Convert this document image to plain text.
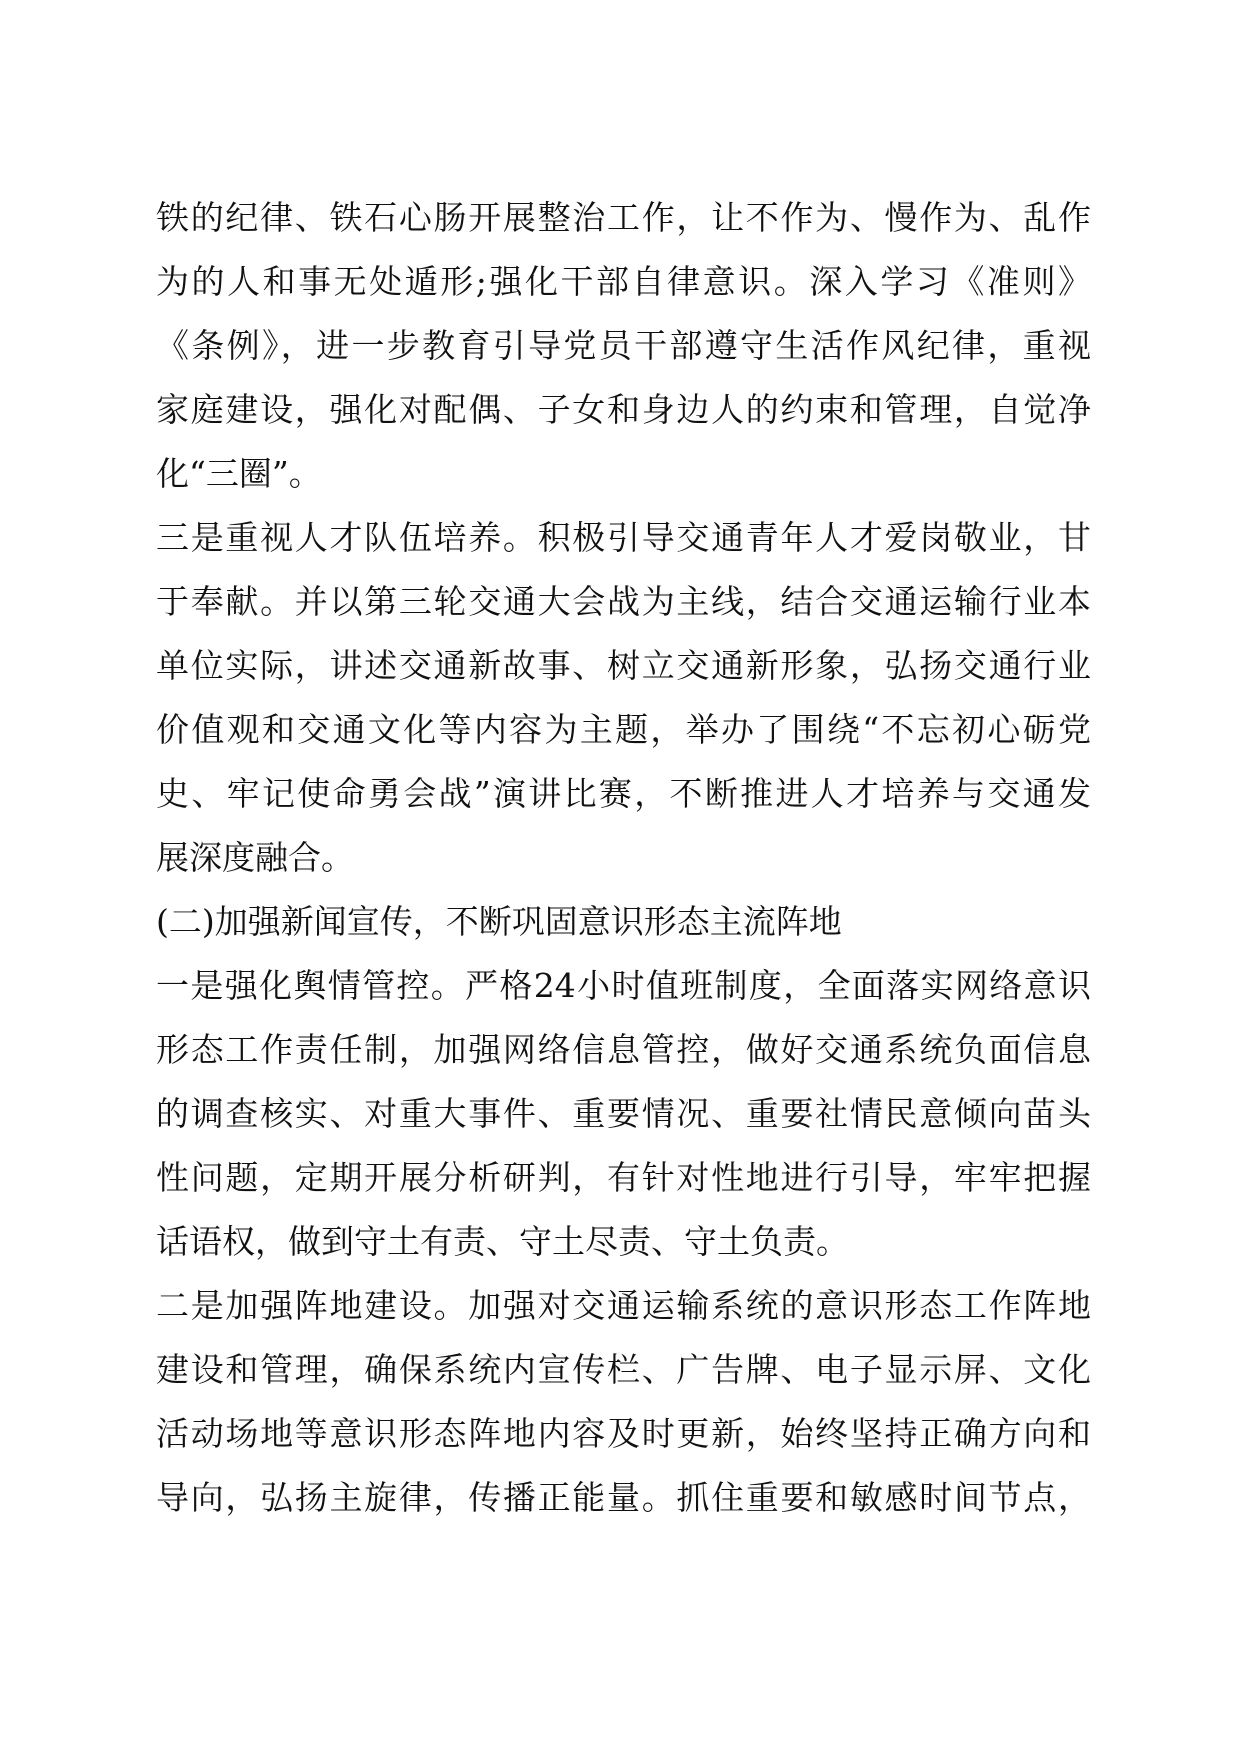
铁的纪律、铁石心肠开展整治工作，让不作为、慢作为、乱作
为的人和事无处遁形;强化干部自律意识。深入学习《准则》
《条例》，进一步教育引导党员干部遵守生活作风纪律，重视
家庭建设，强化对配偶、子女和身边人的约束和管理，自觉净
化“三圈”。
三是重视人才队伍培养。积极引导交通青年人才爱岗敬业，甘
于奉献。并以第三轮交通大会战为主线，结合交通运输行业本
单位实际，讲述交通新故事、树立交通新形象，弘扬交通行业
价值观和交通文化等内容为主题，举办了围绕“不忘初心砺党
史、牢记使命勇会战”演讲比赛，不断推进人才培养与交通发
展深度融合。
(二)加强新闻宣传，不断巩固意识形态主流阵地
一是强化舆情管控。严格24小时值班制度，全面落实网络意识
形态工作责任制，加强网络信息管控，做好交通系统负面信息
的调查核实、对重大事件、重要情况、重要社情民意倾向苗头
性问题，定期开展分析研判，有针对性地进行引导，牢牢把握
话语权，做到守土有责、守土尽责、守土负责。
二是加强阵地建设。加强对交通运输系统的意识形态工作阵地
建设和管理，确保系统内宣传栏、广告牌、电子显示屏、文化
活动场地等意识形态阵地内容及时更新，始终坚持正确方向和
导向，弘扬主旋律，传播正能量。抓住重要和敏感时间节点，
